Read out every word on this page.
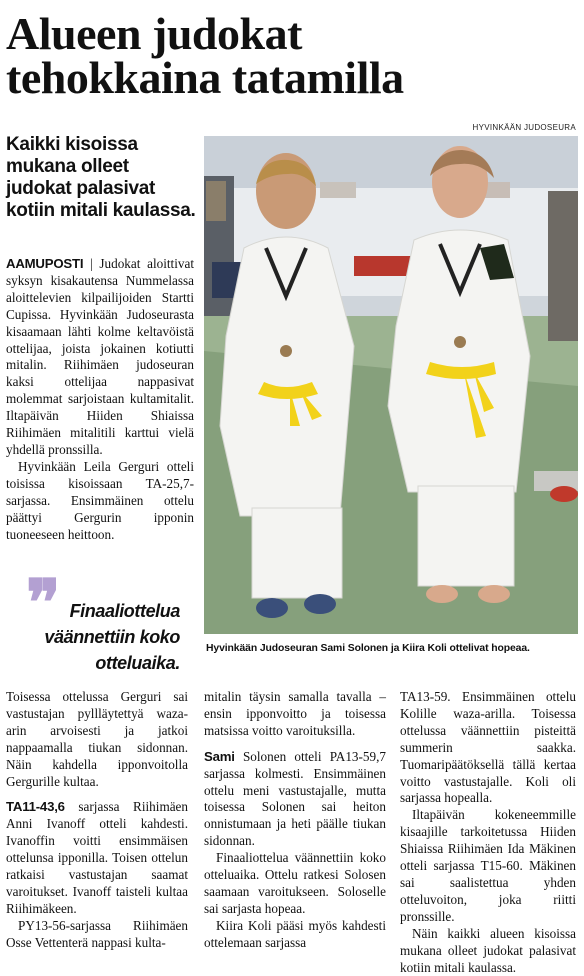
Alueen judokat
tehokkaina tatamilla
HYVINKÄÄN JUDOSEURA
Kaikki kisoissa
mukana olleet
judokat palasivat
kotiin mitali kaulassa.

AAMUPOSTI | Judokat aloittivat syksyn kisakautensa Nummelassa aloittelevien kilpailijoiden Startti Cupissa. Hyvinkään Judoseurasta kisaamaan lähti kolme keltavöistä ottelijaa, joista jokainen kotiutti mitalin. Riihimäen judoseuran kaksi ottelijaa nappasivat molemmat sarjoistaan kultamitalit. Iltapäivän Hiiden Shiaissa Riihimäen mitalitili karttui vielä yhdellä pronssilla.

Hyvinkään Leila Gerguri otteli toisissa kisoissaan TA-25,7-sarjassa. Ensimmäinen ottelu päättyi Gergurin ipponin tuoneeseen heittoon.

❞ Finaaliottelua väännettiin koko otteluaika.
Hyvinkään Judoseuran Sami Solonen ja Kiira Koli ottelivat hopeaa.

Toisessa ottelussa Gerguri sai vastustajan pyllläytettyä waza-arin arvoisesti ja jatkoi nappaamalla tiukan sidonnan. Näin kahdella ipponvoitolla Gergurille kultaa.

TA11-43,6 sarjassa Riihimäen Anni Ivanoff otteli kahdesti. Ivanoffin voitti ensimmäisen ottelunsa ipponilla. Toisen ottelun ratkaisi vastustajan saamat varoitukset. Ivanoff taisteli kultaa Riihimäkeen.

PY13-56-sarjassa Riihimäen Osse Vettenterä nappasi kulta-

mitalin täysin samalla tavalla – ensin ipponvoitto ja toisessa matsissa voitto varoituksilla.

Sami Solonen otteli PA13-59,7 sarjassa kolmesti. Ensimmäinen ottelu meni vastustajalle, mutta toisessa Solonen sai heiton onnistumaan ja heti päälle tiukan sidonnan.

Finaaliottelua väännettiin koko otteluaika. Ottelu ratkesi Solosen saamaan varoitukseen. Soloselle sai sarjasta hopeaa.

Kiira Koli pääsi myös kahdesti ottelemaan sarjassa

TA13-59. Ensimmäinen ottelu Kolille waza-arilla. Toisessa ottelussa väännettiin pisteittä summerin saakka. Tuomaripäätöksellä tällä kertaa voitto vastustajalle. Koli oli sarjassa hopealla.

Iltapäivän kokeneemmille kisaajille tarkoitetussa Hiiden Shiaissa Riihimäen Ida Mäkinen otteli sarjassa T15-60. Mäkinen sai saalistettua yhden otteluvoiton, joka riitti pronssille.

Näin kaikki alueen kisoissa mukana olleet judokat palasivat kotiin mitali kaulassa.
